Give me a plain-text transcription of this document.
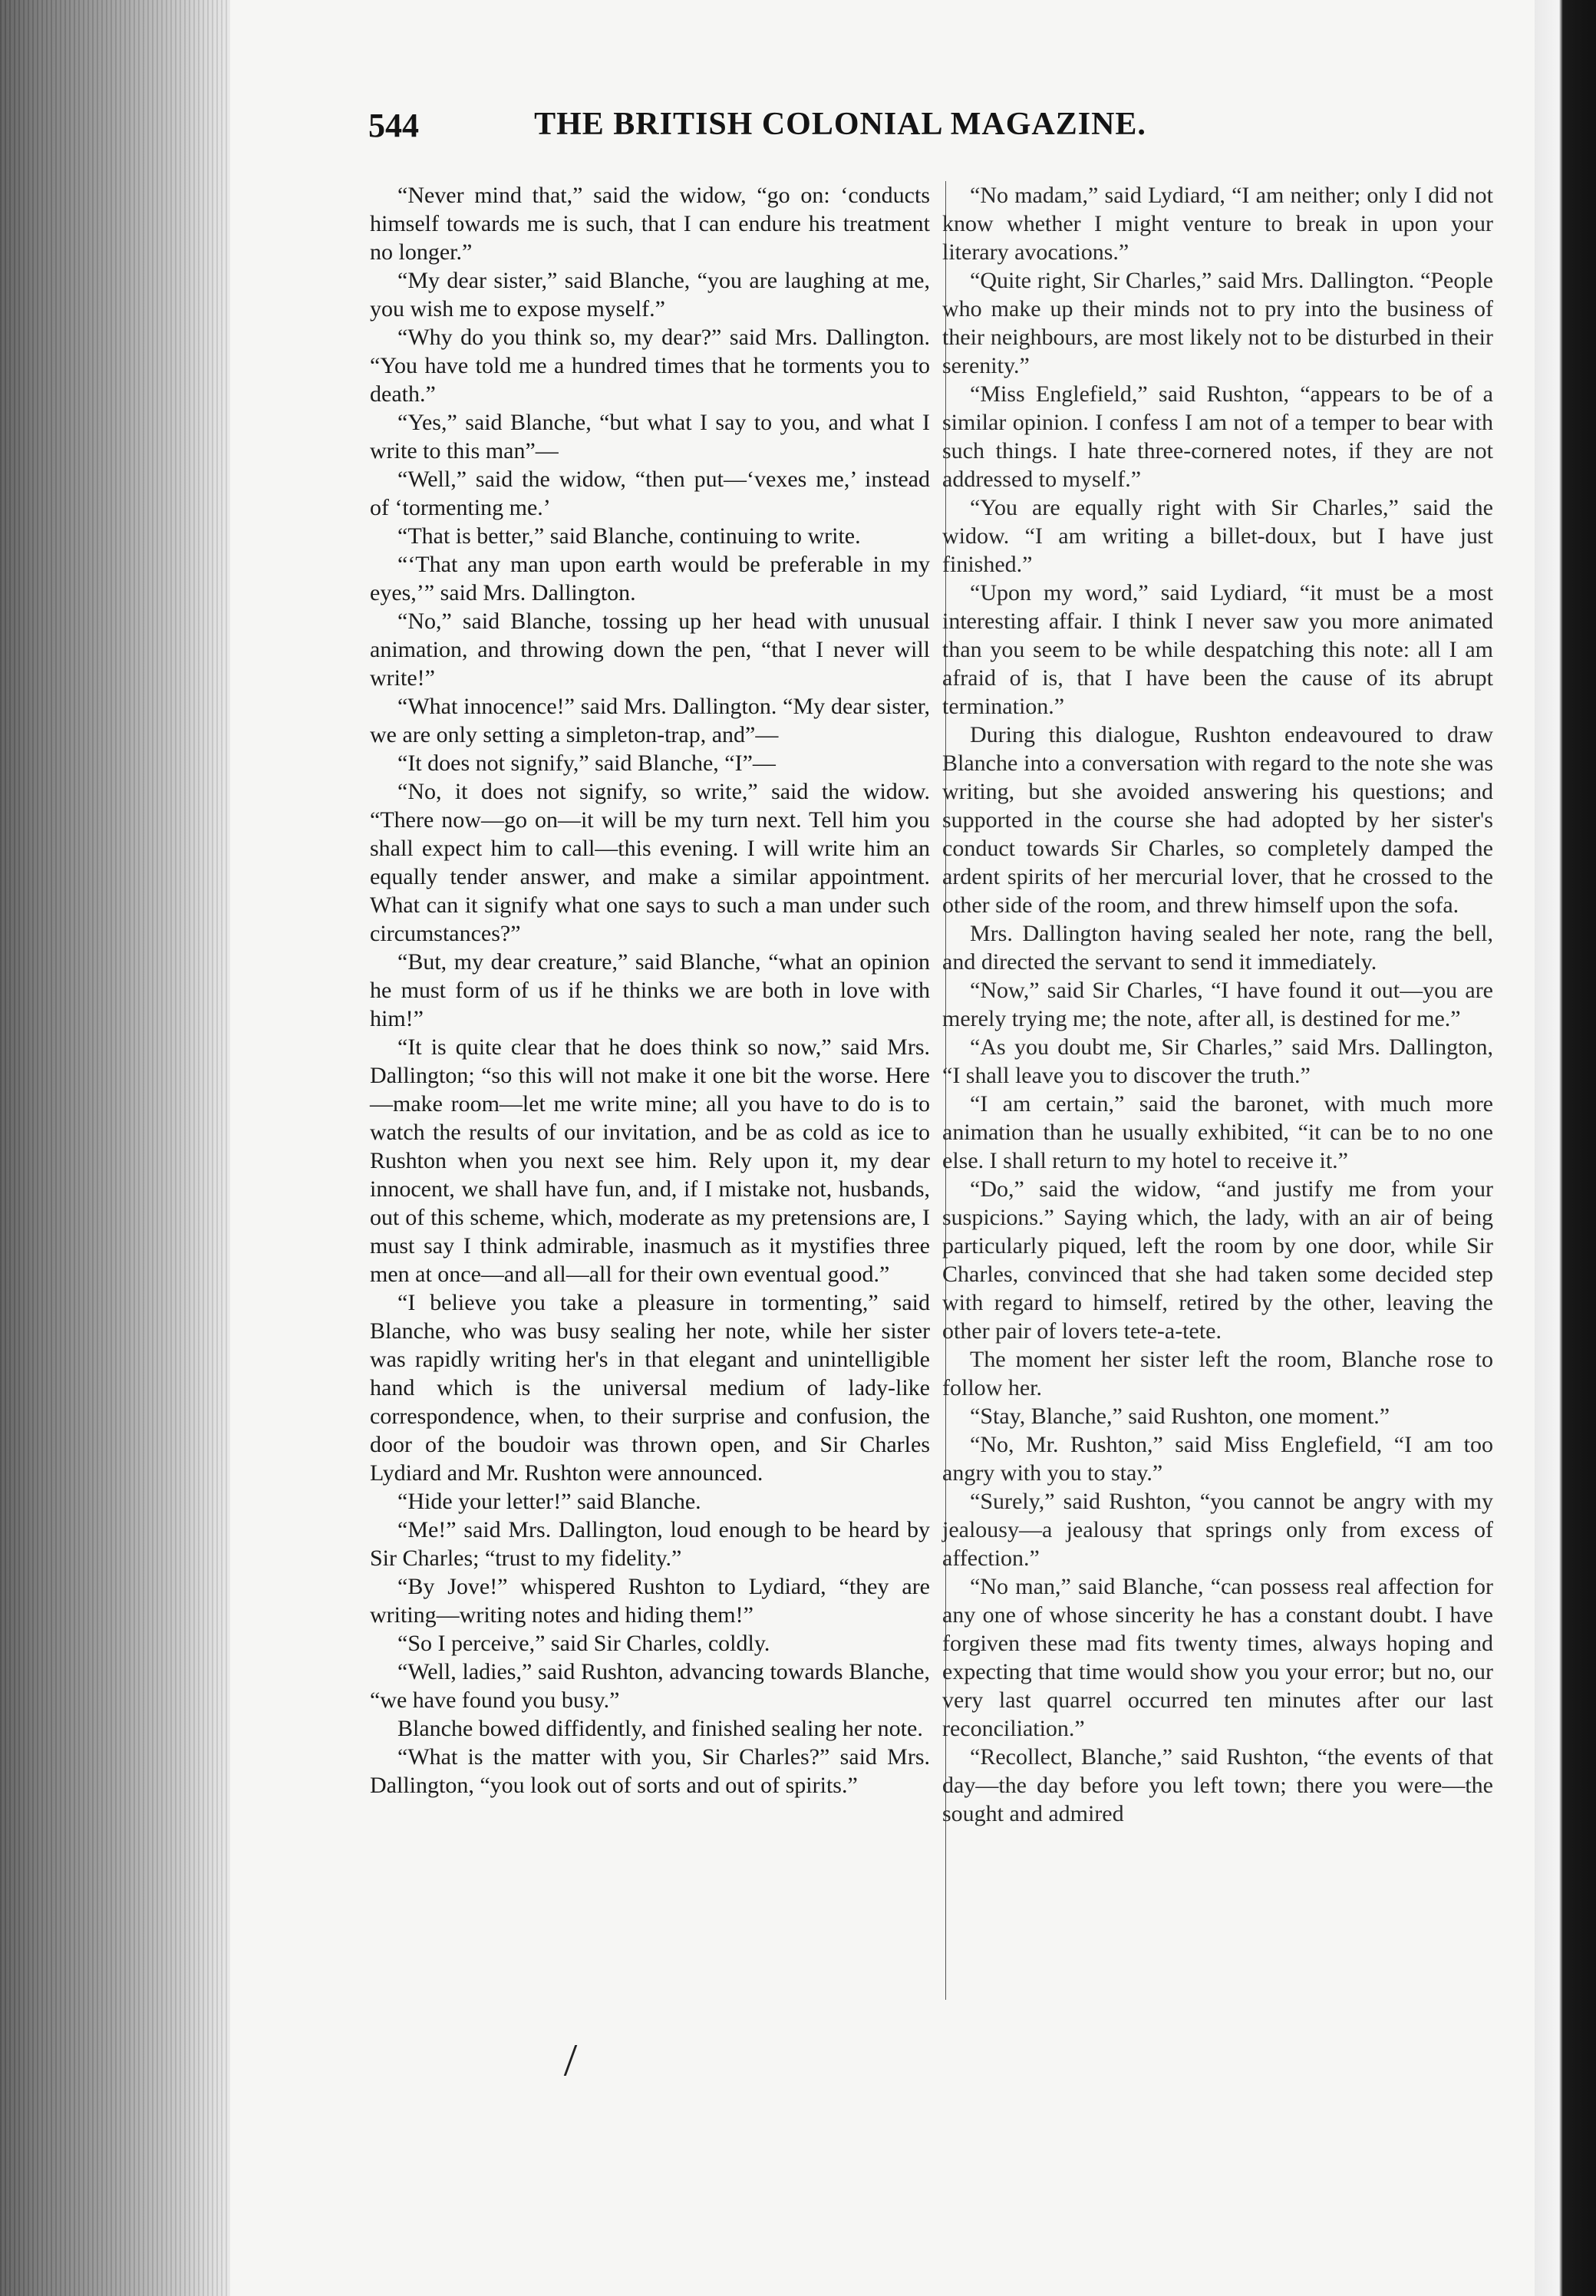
544	THE BRITISH COLONIAL MAGAZINE.

“Never mind that,” said the widow, “go on: ‘conducts himself towards me is such, that I can endure his treatment no longer.”

“My dear sister,” said Blanche, “you are laughing at me, you wish me to expose myself.”

“Why do you think so, my dear?” said Mrs. Dallington. “You have told me a hundred times that he torments you to death.”

“Yes,” said Blanche, “but what I say to you, and what I write to this man”—

“Well,” said the widow, “then put—‘vexes me,’ instead of ‘tormenting me.’

“That is better,” said Blanche, continuing to write.

“‘That any man upon earth would be preferable in my eyes,’” said Mrs. Dallington.

“No,” said Blanche, tossing up her head with unusual animation, and throwing down the pen, “that I never will write!”

“What innocence!” said Mrs. Dallington. “My dear sister, we are only setting a simpleton-trap, and”—

“It does not signify,” said Blanche, “I”—

“No, it does not signify, so write,” said the widow. “There now—go on—it will be my turn next. Tell him you shall expect him to call—this evening. I will write him an equally tender answer, and make a similar appointment. What can it signify what one says to such a man under such circumstances?”

“But, my dear creature,” said Blanche, “what an opinion he must form of us if he thinks we are both in love with him!”

“It is quite clear that he does think so now,” said Mrs. Dallington; “so this will not make it one bit the worse. Here—make room—let me write mine; all you have to do is to watch the results of our invitation, and be as cold as ice to Rushton when you next see him. Rely upon it, my dear innocent, we shall have fun, and, if I mistake not, husbands, out of this scheme, which, moderate as my pretensions are, I must say I think admirable, inasmuch as it mystifies three men at once—and all—all for their own eventual good.”

“I believe you take a pleasure in tormenting,” said Blanche, who was busy sealing her note, while her sister was rapidly writing her's in that elegant and unintelligible hand which is the universal medium of lady-like correspondence, when, to their surprise and confusion, the door of the boudoir was thrown open, and Sir Charles Lydiard and Mr. Rushton were announced.

“Hide your letter!” said Blanche.

“Me!” said Mrs. Dallington, loud enough to be heard by Sir Charles; “trust to my fidelity.”

“By Jove!” whispered Rushton to Lydiard, “they are writing—writing notes and hiding them!”

“So I perceive,” said Sir Charles, coldly.

“Well, ladies,” said Rushton, advancing towards Blanche, “we have found you busy.”

Blanche bowed diffidently, and finished sealing her note.

“What is the matter with you, Sir Charles?” said Mrs. Dallington, “you look out of sorts and out of spirits.”

“No madam,” said Lydiard, “I am neither; only I did not know whether I might venture to break in upon your literary avocations.”

“Quite right, Sir Charles,” said Mrs. Dallington. “People who make up their minds not to pry into the business of their neighbours, are most likely not to be disturbed in their serenity.”

“Miss Englefield,” said Rushton, “appears to be of a similar opinion. I confess I am not of a temper to bear with such things. I hate three-cornered notes, if they are not addressed to myself.”

“You are equally right with Sir Charles,” said the widow. “I am writing a billet-doux, but I have just finished.”

“Upon my word,” said Lydiard, “it must be a most interesting affair. I think I never saw you more animated than you seem to be while despatching this note: all I am afraid of is, that I have been the cause of its abrupt termination.”

During this dialogue, Rushton endeavoured to draw Blanche into a conversation with regard to the note she was writing, but she avoided answering his questions; and supported in the course she had adopted by her sister's conduct towards Sir Charles, so completely damped the ardent spirits of her mercurial lover, that he crossed to the other side of the room, and threw himself upon the sofa.

Mrs. Dallington having sealed her note, rang the bell, and directed the servant to send it immediately.

“Now,” said Sir Charles, “I have found it out—you are merely trying me; the note, after all, is destined for me.”

“As you doubt me, Sir Charles,” said Mrs. Dallington, “I shall leave you to discover the truth.”

“I am certain,” said the baronet, with much more animation than he usually exhibited, “it can be to no one else. I shall return to my hotel to receive it.”

“Do,” said the widow, “and justify me from your suspicions.” Saying which, the lady, with an air of being particularly piqued, left the room by one door, while Sir Charles, convinced that she had taken some decided step with regard to himself, retired by the other, leaving the other pair of lovers tete-a-tete.

The moment her sister left the room, Blanche rose to follow her.

“Stay, Blanche,” said Rushton, one moment.”

“No, Mr. Rushton,” said Miss Englefield, “I am too angry with you to stay.”

“Surely,” said Rushton, “you cannot be angry with my jealousy—a jealousy that springs only from excess of affection.”

“No man,” said Blanche, “can possess real affection for any one of whose sincerity he has a constant doubt. I have forgiven these mad fits twenty times, always hoping and expecting that time would show you your error; but no, our very last quarrel occurred ten minutes after our last reconciliation.”

“Recollect, Blanche,” said Rushton, “the events of that day—the day before you left town; there you were—the sought and admired
